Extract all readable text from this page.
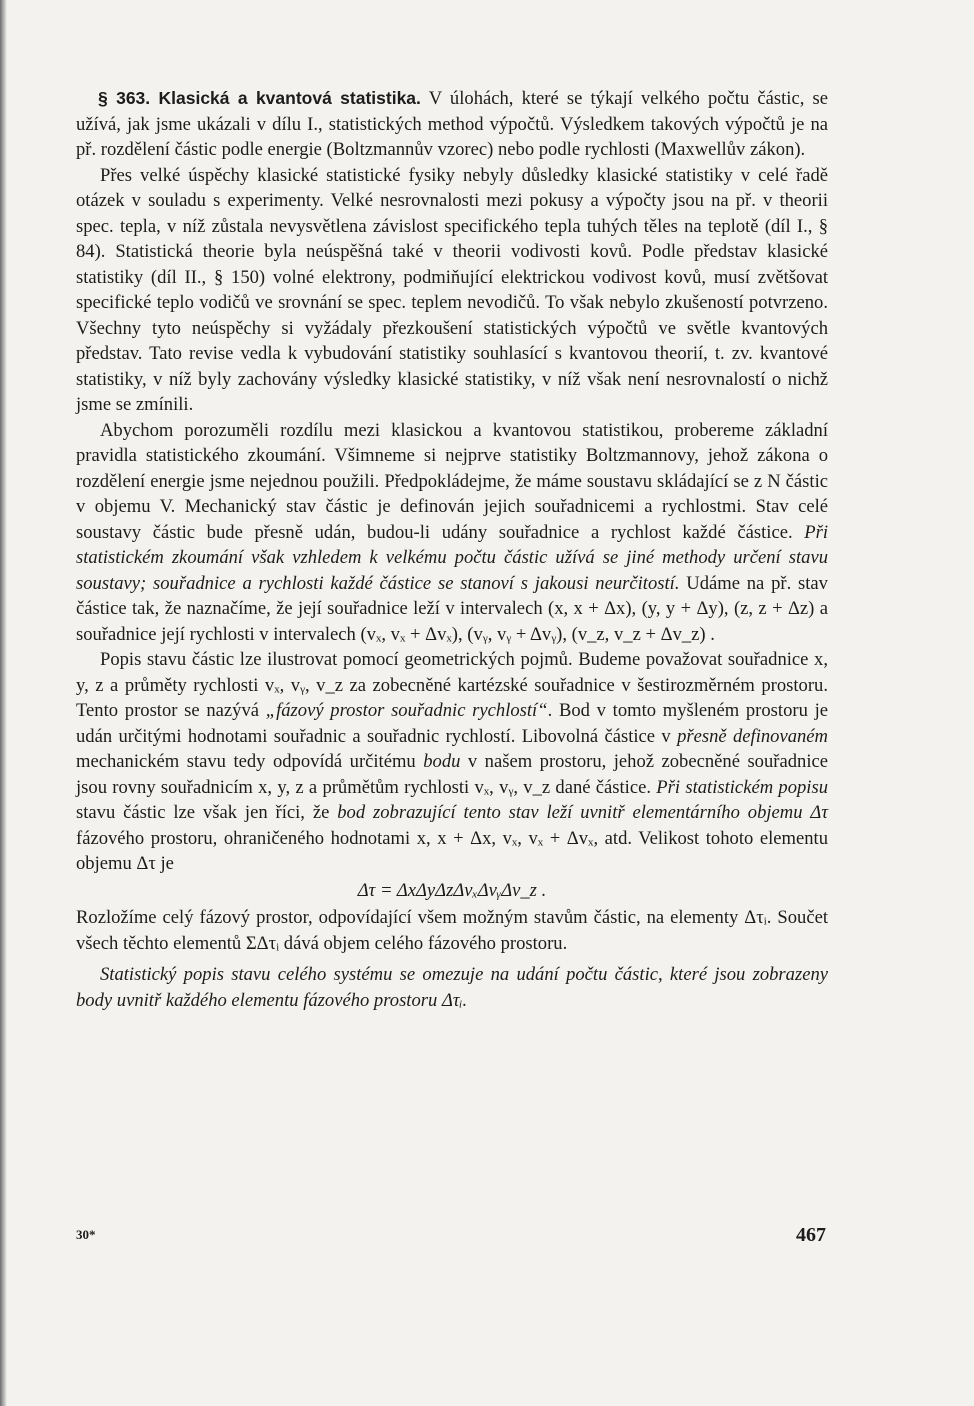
§ 363. Klasická a kvantová statistika. V úlohách, které se týkají velkého počtu částic, se užívá, jak jsme ukázali v dílu I., statistických method výpočtů. Výsledkem takových výpočtů je na př. rozdělení částic podle energie (Boltzmannův vzorec) nebo podle rychlosti (Maxwellův zákon).

Přes velké úspěchy klasické statistické fysiky nebyly důsledky klasické statistiky v celé řadě otázek v souladu s experimenty. Velké nesrovnalosti mezi pokusy a výpočty jsou na př. v theorii spec. tepla, v níž zůstala nevysvětlena závislost specifického tepla tuhých těles na teplotě (díl I., § 84). Statistická theorie byla neúspěšná také v theorii vodivosti kovů. Podle představ klasické statistiky (díl II., § 150) volné elektrony, podmiňující elektrickou vodivost kovů, musí zvětšovat specifické teplo vodičů ve srovnání se spec. teplem nevodičů. To však nebylo zkušeností potvrzeno. Všechny tyto neúspěchy si vyžádaly přezkoušení statistických výpočtů ve světle kvantových představ. Tato revise vedla k vybudování statistiky souhlasící s kvantovou theorií, t. zv. kvantové statistiky, v níž byly zachovány výsledky klasické statistiky, v níž však není nesrovnalostí o nichž jsme se zmínili.

Abychom porozuměli rozdílu mezi klasickou a kvantovou statistikou, probereme základní pravidla statistického zkoumání. Všimneme si nejprve statistiky Boltzmannovy, jehož zákona o rozdělení energie jsme nejednou použili. Předpokládejme, že máme soustavu skládající se z N částic v objemu V. Mechanický stav částic je definován jejich souřadnicemi a rychlostmi. Stav celé soustavy částic bude přesně udán, budou-li udány souřadnice a rychlost každé částice. Při statistickém zkoumání však vzhledem k velkému počtu částic užívá se jiné methody určení stavu soustavy; souřadnice a rychlosti každé částice se stanoví s jakousi neurčitostí. Udáme na př. stav částice tak, že naznačíme, že její souřadnice leží v intervalech (x, x + Δx), (y, y + Δy), (z, z + Δz) a souřadnice její rychlosti v intervalech (vₓ, vₓ + Δvₓ), (vᵧ, vᵧ + Δvᵧ), (v_z, v_z + Δv_z) .

Popis stavu částic lze ilustrovat pomocí geometrických pojmů. Budeme považovat souřadnice x, y, z a průměty rychlosti vₓ, vᵧ, v_z za zobecněné kartézské souřadnice v šestirozměrném prostoru. Tento prostor se nazývá „fázový prostor souřadnic rychlostí“. Bod v tomto myšleném prostoru je udán určitými hodnotami souřadnic a souřadnic rychlostí. Libovolná částice v přesně definovaném mechanickém stavu tedy odpovídá určitému bodu v našem prostoru, jehož zobecněné souřadnice jsou rovny souřadnicím x, y, z a průmětům rychlosti vₓ, vᵧ, v_z dané částice. Při statistickém popisu stavu částic lze však jen říci, že bod zobrazující tento stav leží uvnitř elementárního objemu Δτ fázového prostoru, ohraničeného hodnotami x, x + Δx, vₓ, vₓ + Δvₓ, atd. Velikost tohoto elementu objemu Δτ je

Δτ = ΔxΔyΔzΔvₓΔvᵧΔv_z .

Rozložíme celý fázový prostor, odpovídající všem možným stavům částic, na elementy Δτᵢ. Součet všech těchto elementů ΣΔτᵢ dává objem celého fázového prostoru.

Statistický popis stavu celého systému se omezuje na udání počtu částic, které jsou zobrazeny body uvnitř každého elementu fázového prostoru Δτᵢ.

30*	467
